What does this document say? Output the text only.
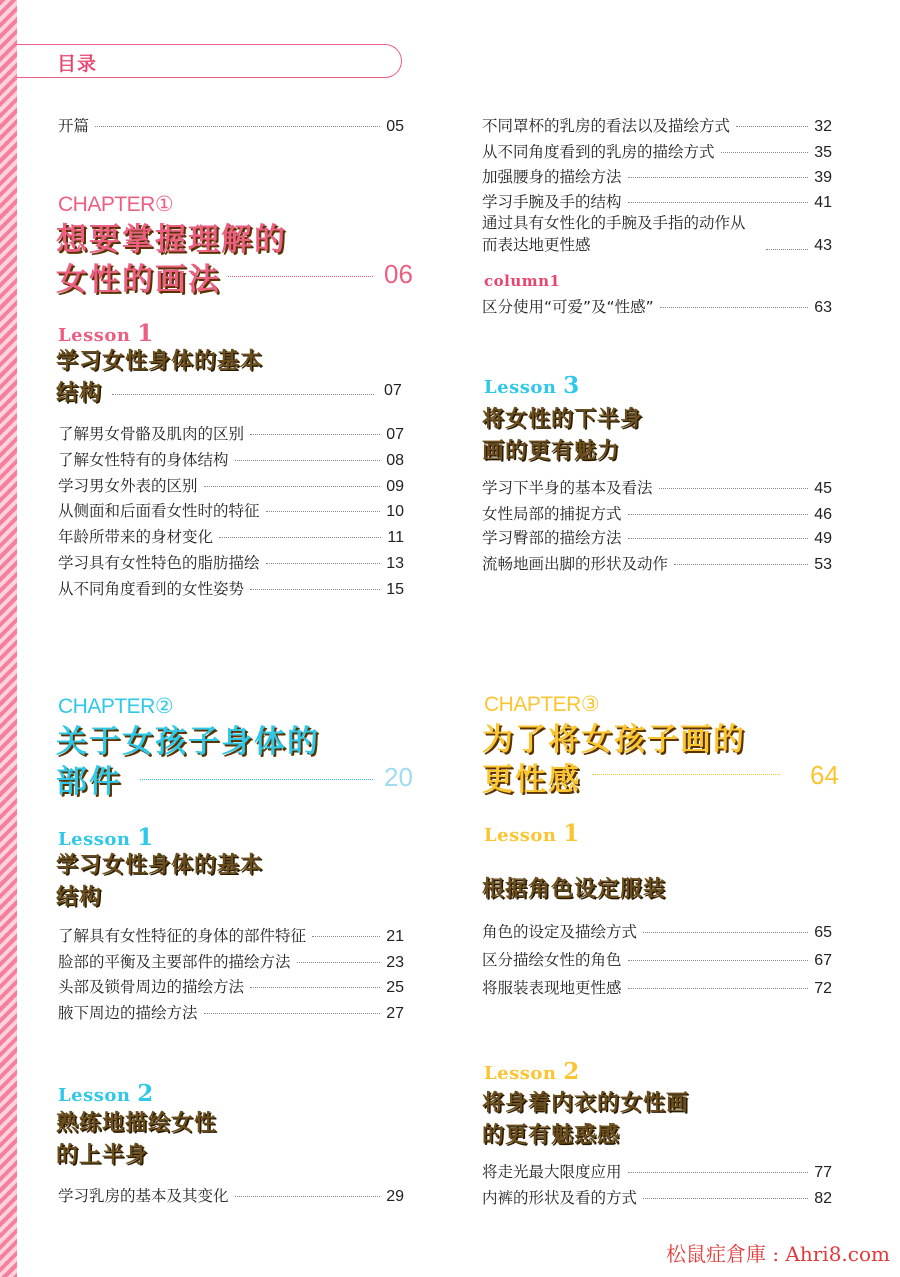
目录
开篇	05
CHAPTER①
想要掌握理解的
女性的画法	06
Lesson 1
学习女性身体的基本
结构	07
了解男女骨骼及肌肉的区别	07
了解女性特有的身体结构	08
学习男女外表的区别	09
从侧面和后面看女性时的特征	10
年龄所带来的身材变化	11
学习具有女性特色的脂肪描绘	13
从不同角度看到的女性姿势	15
不同罩杯的乳房的看法以及描绘方式	32
从不同角度看到的乳房的描绘方式	35
加强腰身的描绘方法	39
学习手腕及手的结构	41
通过具有女性化的手腕及手指的动作从而表达地更性感	43
column1
区分使用“可爱”及“性感”	63
Lesson 3
将女性的下半身
画的更有魅力
学习下半身的基本及看法	45
女性局部的捕捉方式	46
学习臀部的描绘方法	49
流畅地画出脚的形状及动作	53
CHAPTER②
关于女孩子身体的
部件	20
Lesson 1
学习女性身体的基本
结构
了解具有女性特征的身体的部件特征	21
脸部的平衡及主要部件的描绘方法	23
头部及锁骨周边的描绘方法	25
腋下周边的描绘方法	27
Lesson 2
熟练地描绘女性
的上半身
学习乳房的基本及其变化	29
CHAPTER③
为了将女孩子画的
更性感	64
Lesson 1
根据角色设定服装
角色的设定及描绘方式	65
区分描绘女性的角色	67
将服装表现地更性感	72
Lesson 2
将身着内衣的女性画
的更有魅惑感
将走光最大限度应用	77
内裤的形状及看的方式	82
松鼠症倉庫 : Ahri8.com
